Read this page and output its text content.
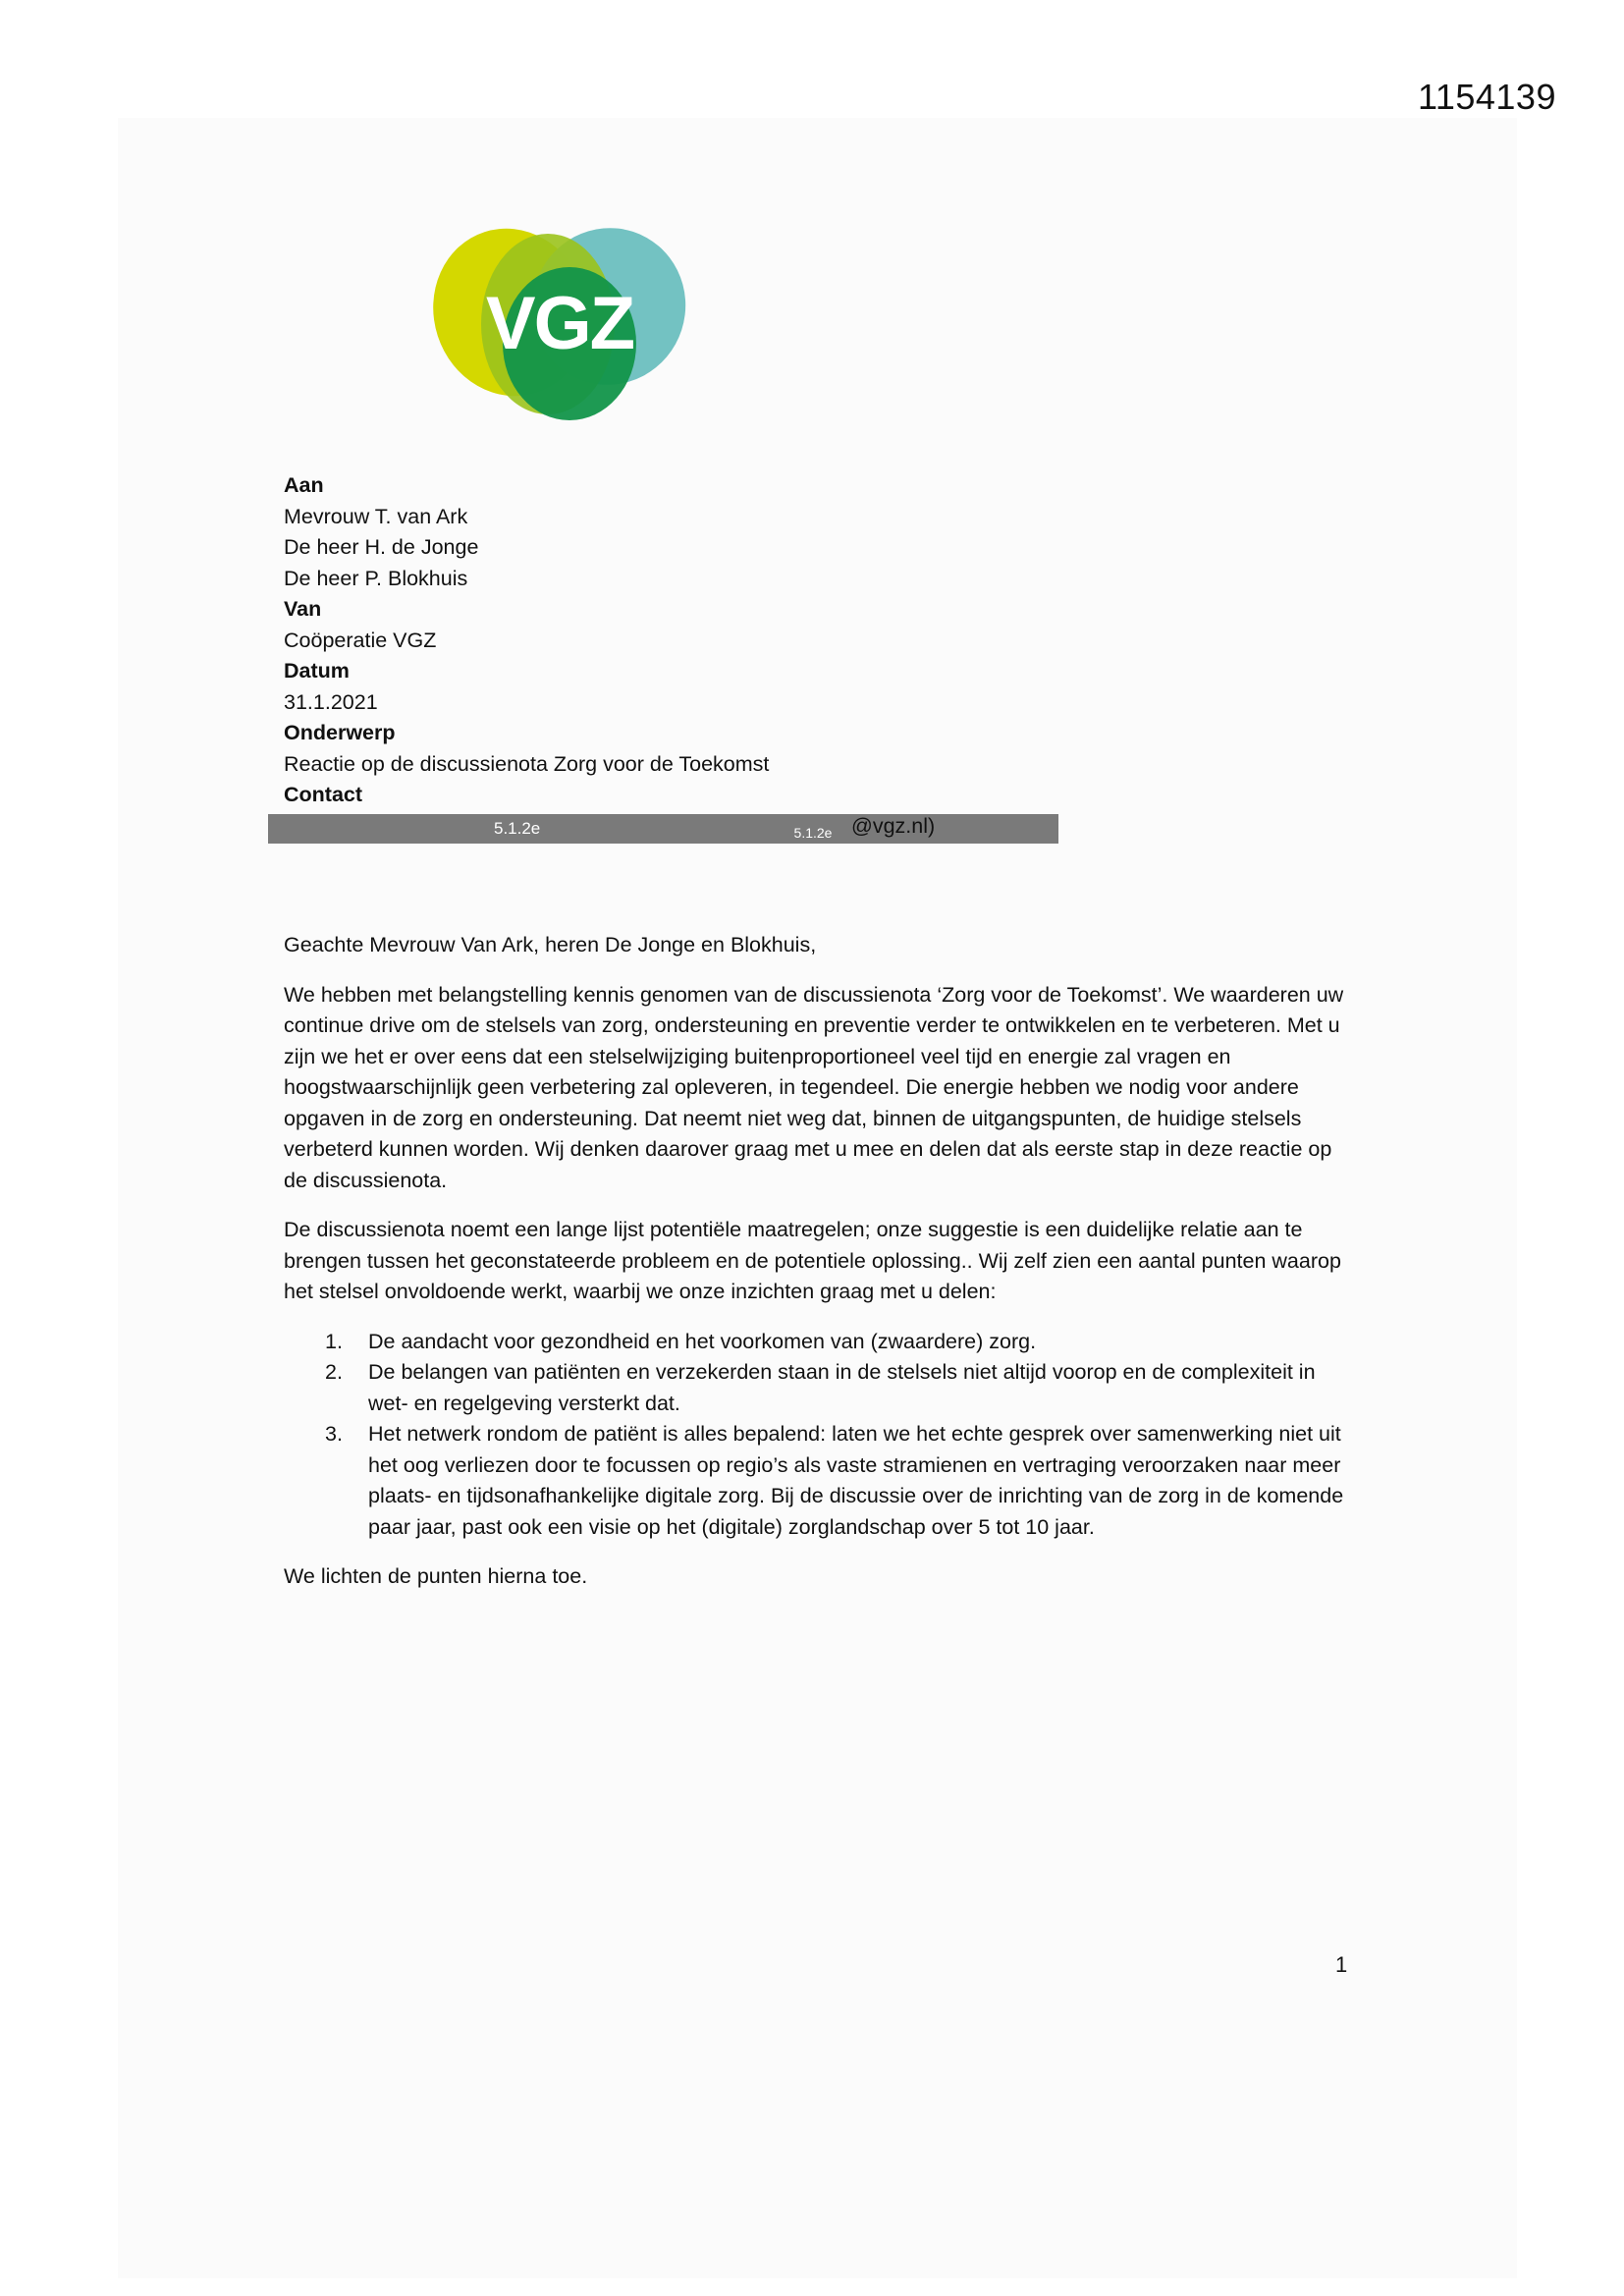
1154139
VGZ
Aan
Mevrouw T. van Ark
De heer H. de Jonge
De heer P. Blokhuis
Van
Coöperatie VGZ
Datum
31.1.2021
Onderwerp
Reactie op de discussienota Zorg voor de Toekomst
Contact
5.1.2e	5.1.2e @vgz.nl)

Geachte Mevrouw Van Ark, heren De Jonge en Blokhuis,

We hebben met belangstelling kennis genomen van de discussienota ‘Zorg voor de Toekomst’. We waarderen uw continue drive om de stelsels van zorg, ondersteuning en preventie verder te ontwikkelen en te verbeteren. Met u zijn we het er over eens dat een stelselwijziging buitenproportioneel veel tijd en energie zal vragen en hoogstwaarschijnlijk geen verbetering zal opleveren, in tegendeel. Die energie hebben we nodig voor andere opgaven in de zorg en ondersteuning. Dat neemt niet weg dat, binnen de uitgangspunten, de huidige stelsels verbeterd kunnen worden. Wij denken daarover graag met u mee en delen dat als eerste stap in deze reactie op de discussienota.

De discussienota noemt een lange lijst potentiële maatregelen; onze suggestie is een duidelijke relatie aan te brengen tussen het geconstateerde probleem en de potentiele oplossing.. Wij zelf zien een aantal punten waarop het stelsel onvoldoende werkt, waarbij we onze inzichten graag met u delen:

1. De aandacht voor gezondheid en het voorkomen van (zwaardere) zorg.
2. De belangen van patiënten en verzekerden staan in de stelsels niet altijd voorop en de complexiteit in wet- en regelgeving versterkt dat.
3. Het netwerk rondom de patiënt is alles bepalend: laten we het echte gesprek over samenwerking niet uit het oog verliezen door te focussen op regio’s als vaste stramienen en vertraging veroorzaken naar meer plaats- en tijdsonafhankelijke digitale zorg. Bij de discussie over de inrichting van de zorg in de komende paar jaar, past ook een visie op het (digitale) zorglandschap over 5 tot 10 jaar.

We lichten de punten hierna toe.

1
